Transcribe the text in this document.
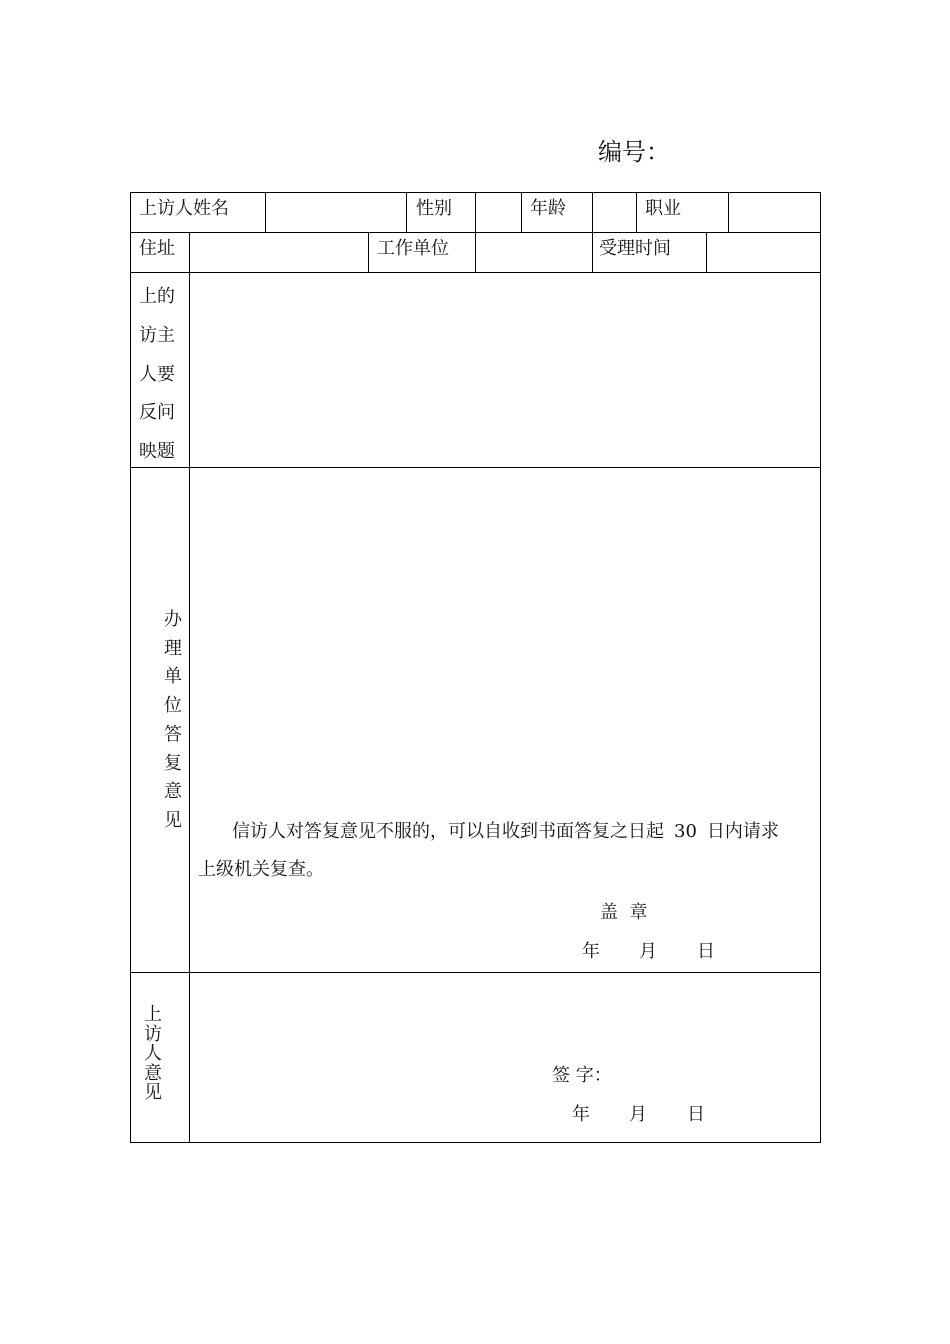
编号：
上访人姓名	性别	年龄	职业
住址	工作单位	受理时间
上的
访主
人要
反问
映题
办
理
单
位
答
复
意
见
信访人对答复意见不服的，可以自收到书面答复之日起 30 日内请求
上级机关复查。
盖  章
年 月 日
上
访
人
意
见
签 字：
年 月 日
